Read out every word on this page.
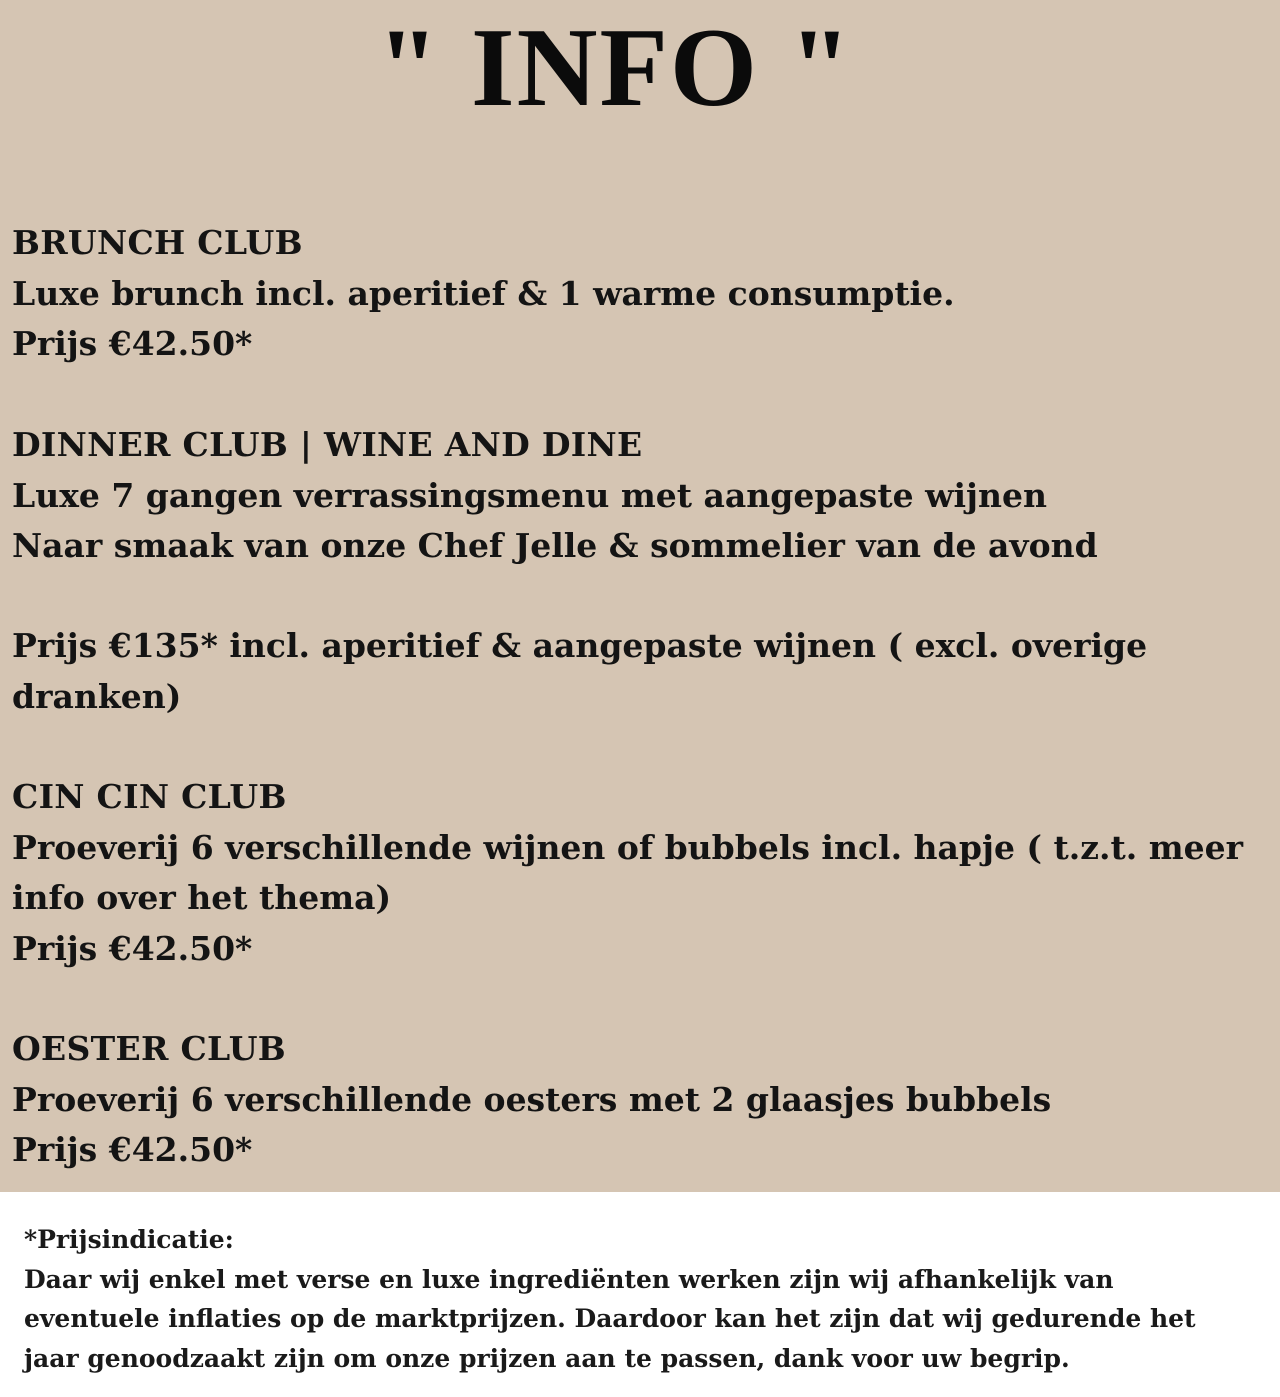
" INFO "
BRUNCH CLUB
Luxe brunch incl. aperitief & 1 warme consumptie.
Prijs €42.50*
DINNER CLUB | WINE AND DINE
Luxe 7 gangen verrassingsmenu met aangepaste wijnen
Naar smaak van onze Chef Jelle & sommelier van de avond
Prijs €135* incl. aperitief & aangepaste wijnen ( excl. overige
dranken)
CIN CIN CLUB
Proeverij 6 verschillende wijnen of bubbels incl. hapje ( t.z.t. meer
info over het thema)
Prijs €42.50*
OESTER CLUB
Proeverij 6 verschillende oesters met 2 glaasjes bubbels
Prijs €42.50*
*Prijsindicatie:
Daar wij enkel met verse en luxe ingrediënten werken zijn wij afhankelijk van
eventuele inflaties op de marktprijzen. Daardoor kan het zijn dat wij gedurende het
jaar genoodzaakt zijn om onze prijzen aan te passen, dank voor uw begrip.
